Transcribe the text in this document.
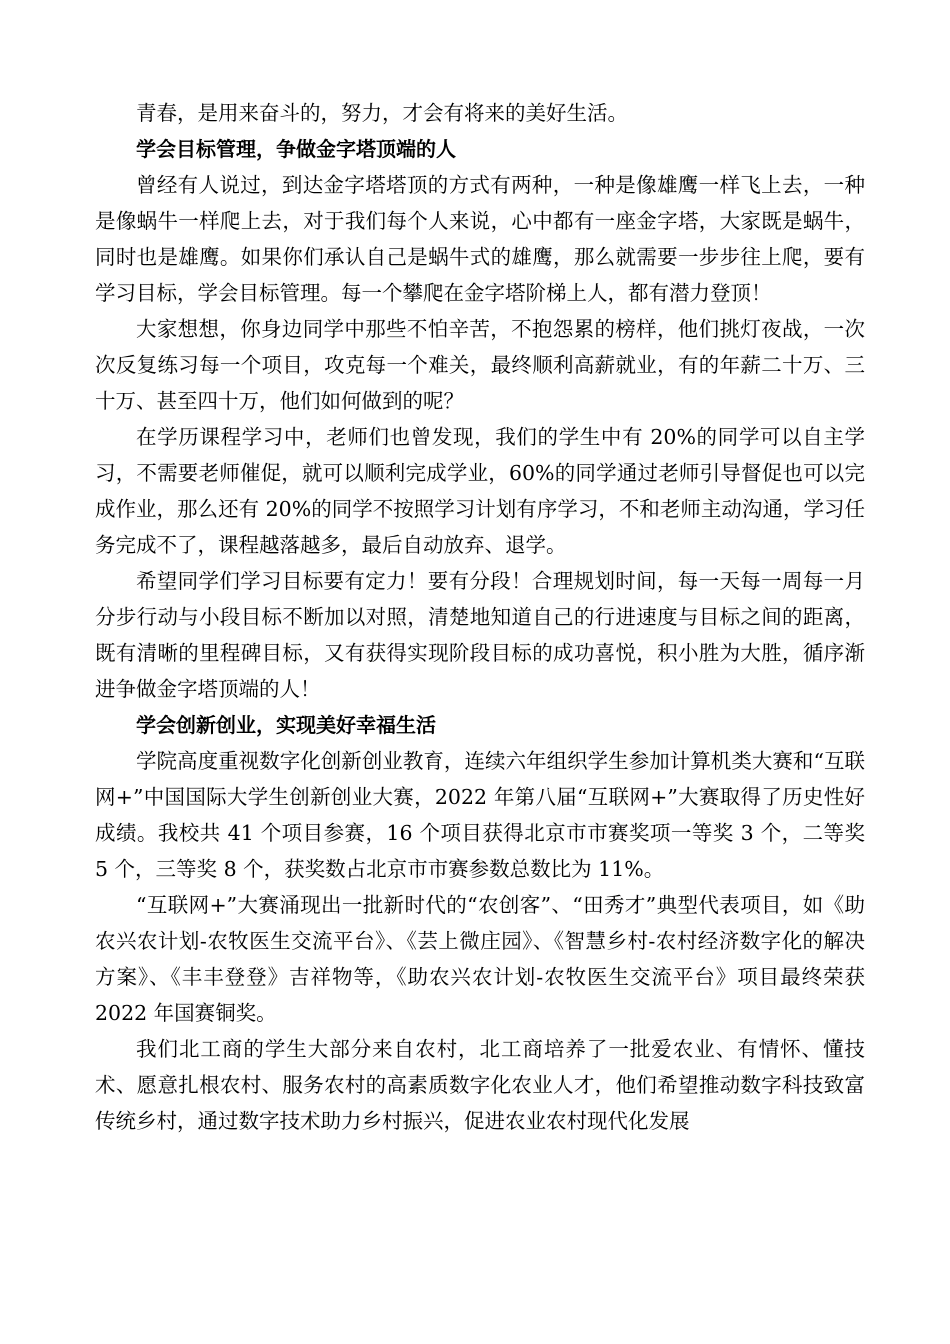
青春，是用来奋斗的，努力，才会有将来的美好生活。

学会目标管理，争做金字塔顶端的人

曾经有人说过，到达金字塔塔顶的方式有两种，一种是像雄鹰一样飞上去，一种是像蜗牛一样爬上去，对于我们每个人来说，心中都有一座金字塔，大家既是蜗牛，同时也是雄鹰。如果你们承认自己是蜗牛式的雄鹰，那么就需要一步步往上爬，要有学习目标，学会目标管理。每一个攀爬在金字塔阶梯上人，都有潜力登顶！

大家想想，你身边同学中那些不怕辛苦，不抱怨累的榜样，他们挑灯夜战，一次次反复练习每一个项目，攻克每一个难关，最终顺利高薪就业，有的年薪二十万、三十万、甚至四十万，他们如何做到的呢？

在学历课程学习中，老师们也曾发现，我们的学生中有 20%的同学可以自主学习，不需要老师催促，就可以顺利完成学业，60%的同学通过老师引导督促也可以完成作业，那么还有 20%的同学不按照学习计划有序学习，不和老师主动沟通，学习任务完成不了，课程越落越多，最后自动放弃、退学。

希望同学们学习目标要有定力！要有分段！合理规划时间，每一天每一周每一月分步行动与小段目标不断加以对照，清楚地知道自己的行进速度与目标之间的距离，既有清晰的里程碑目标，又有获得实现阶段目标的成功喜悦，积小胜为大胜，循序渐进争做金字塔顶端的人！

学会创新创业，实现美好幸福生活

学院高度重视数字化创新创业教育，连续六年组织学生参加计算机类大赛和“互联网+”中国国际大学生创新创业大赛，2022 年第八届“互联网+”大赛取得了历史性好成绩。我校共 41 个项目参赛，16 个项目获得北京市市赛奖项一等奖 3 个，二等奖 5 个，三等奖 8 个，获奖数占北京市市赛参数总数比为 11%。

“互联网+”大赛涌现出一批新时代的“农创客”、“田秀才”典型代表项目，如《助农兴农计划-农牧医生交流平台》、《芸上微庄园》、《智慧乡村-农村经济数字化的解决方案》、《丰丰登登》吉祥物等，《助农兴农计划-农牧医生交流平台》项目最终荣获 2022 年国赛铜奖。

我们北工商的学生大部分来自农村，北工商培养了一批爱农业、有情怀、懂技术、愿意扎根农村、服务农村的高素质数字化农业人才，他们希望推动数字科技致富传统乡村，通过数字技术助力乡村振兴，促进农业农村现代化发展
